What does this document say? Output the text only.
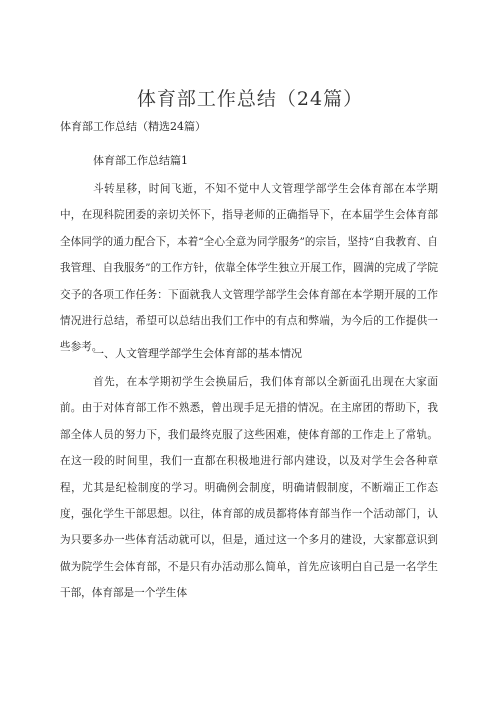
体育部工作总结（24篇）
体育部工作总结（精选24篇）
体育部工作总结篇1

斗转星移，时间飞逝，不知不觉中人文管理学部学生会体育部在本学期中，在现科院团委的亲切关怀下，指导老师的正确指导下，在本届学生会体育部全体同学的通力配合下，本着“全心全意为同学服务”的宗旨，坚持“自我教育、自我管理、自我服务”的工作方针，依靠全体学生独立开展工作，圆满的完成了学院交予的各项工作任务：下面就我人文管理学部学生会体育部在本学期开展的工作情况进行总结，希望可以总结出我们工作中的有点和弊端，为今后的工作提供一些参考。

一、人文管理学部学生会体育部的基本情况

首先，在本学期初学生会换届后，我们体育部以全新面孔出现在大家面前。由于对体育部工作不熟悉，曾出现手足无措的情况。在主席团的帮助下，我部全体人员的努力下，我们最终克服了这些困难，使体育部的工作走上了常轨。在这一段的时间里，我们一直都在积极地进行部内建设，以及对学生会各种章程，尤其是纪检制度的学习。明确例会制度，明确请假制度，不断端正工作态度，强化学生干部思想。以往，体育部的成员都将体育部当作一个活动部门，认为只要多办一些体育活动就可以，但是，通过这一个多月的建设，大家都意识到做为院学生会体育部，不是只有办活动那么简单，首先应该明白自己是一名学生干部，体育部是一个学生体
